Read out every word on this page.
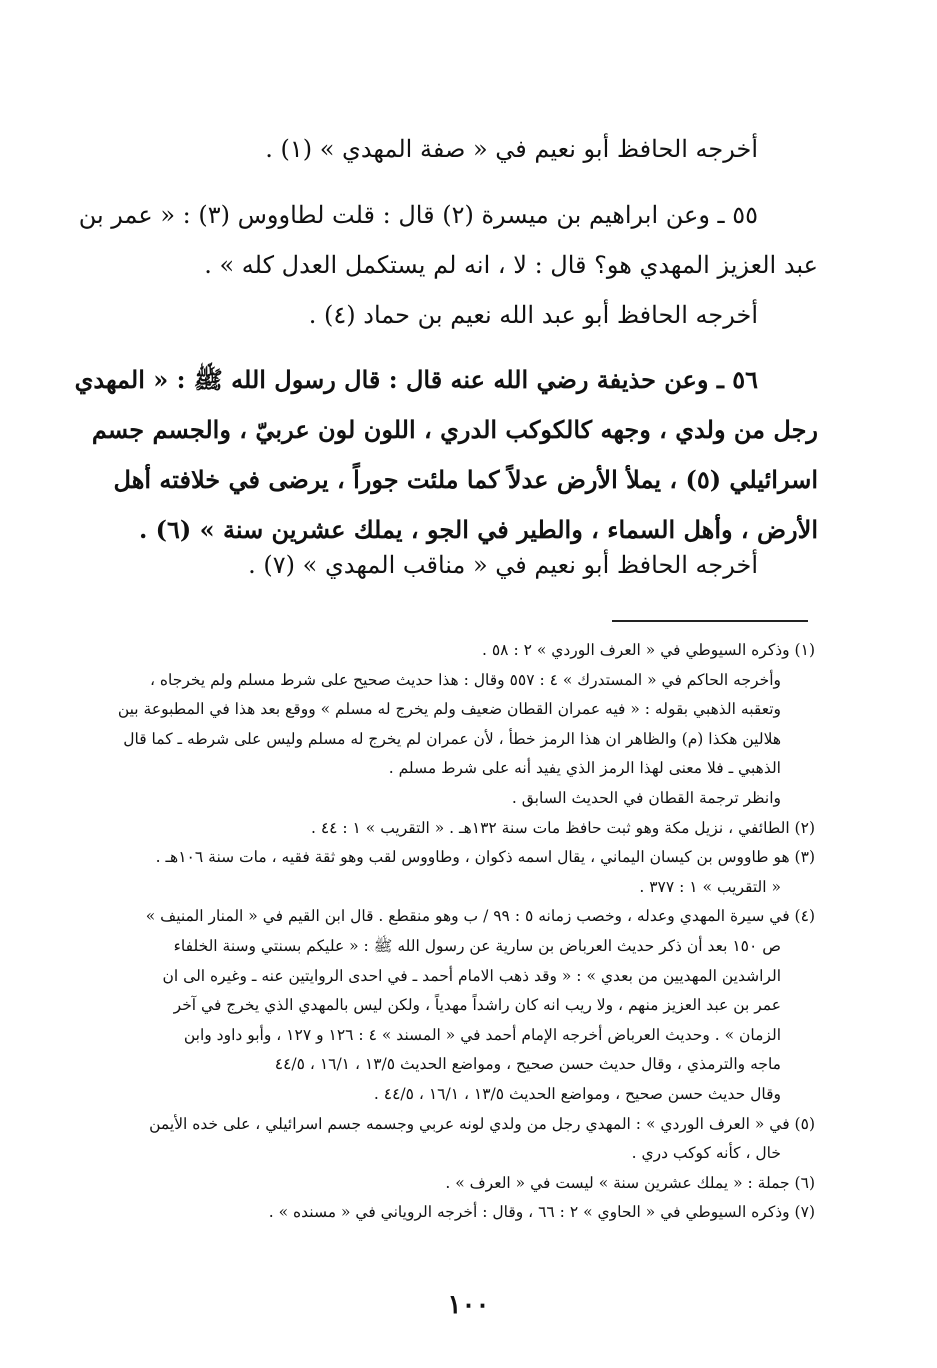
أخرجه الحافظ أبو نعيم في « صفة المهدي » (١) .
٥٥ ـ وعن ابراهيم بن ميسرة (٢) قال : قلت لطاووس (٣) : « عمر بن
عبد العزيز المهدي هو؟ قال : لا ، انه لم يستكمل العدل كله » .
أخرجه الحافظ أبو عبد الله نعيم بن حماد (٤) .
٥٦ ـ وعن حذيفة رضي الله عنه قال : قال رسول الله ﷺ : « المهدي
رجل من ولدي ، وجهه كالكوكب الدري ، اللون لون عربيّ ، والجسم جسم
اسرائيلي (٥) ، يملأ الأرض عدلاً كما ملئت جوراً ، يرضى في خلافته أهل
الأرض ، وأهل السماء ، والطير في الجو ، يملك عشرين سنة » (٦) .
أخرجه الحافظ أبو نعيم في « مناقب المهدي » (٧) .
(١) وذكره السيوطي في « العرف الوردي » ٢ : ٥٨ .
وأخرجه الحاكم في « المستدرك » ٤ : ٥٥٧ وقال : هذا حديث صحيح على شرط مسلم ولم يخرجاه ،
وتعقبه الذهبي بقوله : « فيه عمران القطان ضعيف ولم يخرج له مسلم » ووقع بعد هذا في المطبوعة بين
هلالين هكذا (م) والظاهر ان هذا الرمز خطأ ، لأن عمران لم يخرج له مسلم وليس على شرطه ـ كما قال
الذهبي ـ فلا معنى لهذا الرمز الذي يفيد أنه على شرط مسلم .
وانظر ترجمة القطان في الحديث السابق .
(٢) الطائفي ، نزيل مكة وهو ثبت حافظ مات سنة ١٣٢هـ . « التقريب » ١ : ٤٤ .
(٣) هو طاووس بن كيسان اليماني ، يقال اسمه ذكوان ، وطاووس لقب وهو ثقة فقيه ، مات سنة ١٠٦هـ .
« التقريب » ١ : ٣٧٧ .
(٤) في سيرة المهدي وعدله ، وخصب زمانه ٥ : ٩٩ / ب وهو منقطع . قال ابن القيم في « المنار المنيف »
ص ١٥٠ بعد أن ذكر حديث العرباض بن سارية عن رسول الله ﷺ : « عليكم بسنتي وسنة الخلفاء
الراشدين المهديين من بعدي » : « وقد ذهب الامام أحمد ـ في احدى الروايتين عنه ـ وغيره الى ان
عمر بن عبد العزيز منهم ، ولا ريب انه كان راشداً مهدياً ، ولكن ليس بالمهدي الذي يخرج في آخر
الزمان » . وحديث العرباض أخرجه الإمام أحمد في « المسند » ٤ : ١٢٦ و ١٢٧ ، وأبو داود وابن
ماجه والترمذي ، وقال حديث حسن صحيح ، ومواضع الحديث ١٣/٥ ، ١٦/١ ، ٤٤/٥
وقال حديث حسن صحيح ، ومواضع الحديث ١٣/٥ ، ١٦/١ ، ٤٤/٥ .
(٥) في « العرف الوردي » : المهدي رجل من ولدي لونه عربي وجسمه جسم اسرائيلي ، على خده الأيمن
خال ، كأنه كوكب دري .
(٦) جملة : « يملك عشرين سنة » ليست في « العرف » .
(٧) وذكره السيوطي في « الحاوي » ٢ : ٦٦ ، وقال : أخرجه الروياني في « مسنده » .
١٠٠
